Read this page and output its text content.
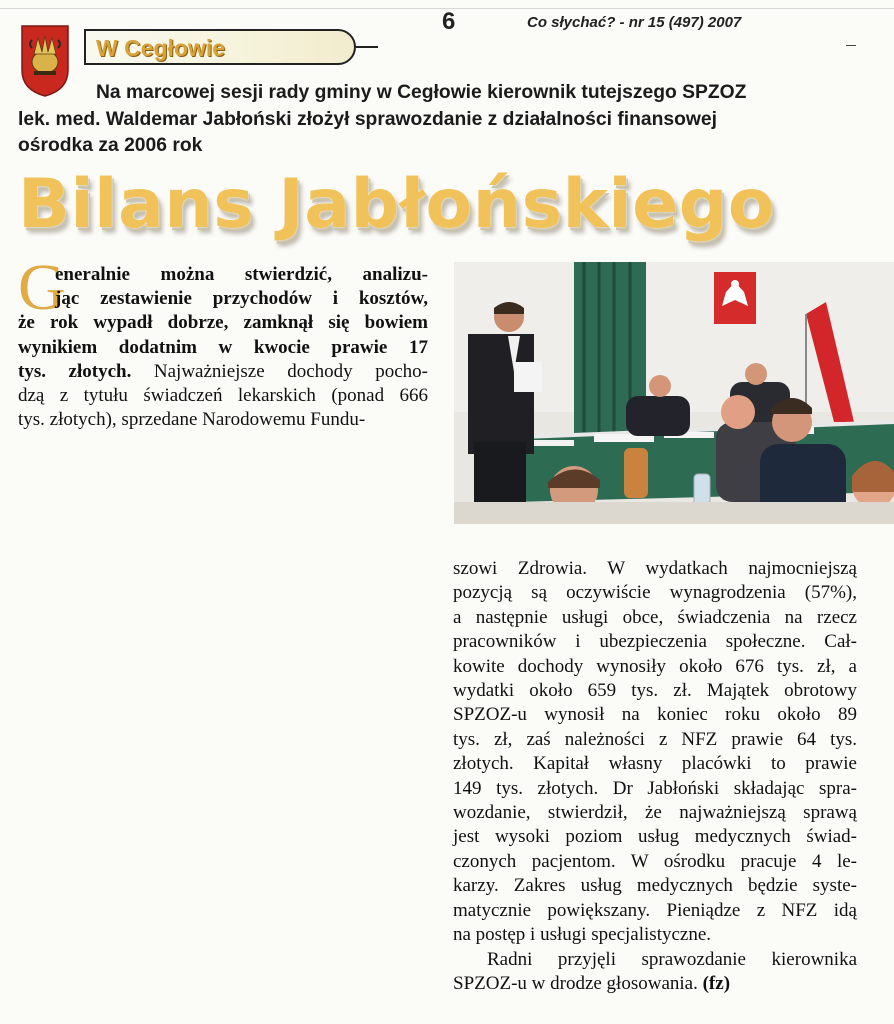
6	Co słychać? - nr 15 (497) 2007
W Cegłowie
Na marcowej sesji rady gminy w Cegłowie kierownik tutejszego SPZOZ
lek. med. Waldemar Jabłoński złożył sprawozdanie z działalności finansowej
ośrodka za 2006 rok
Bilans Jabłońskiego
G
eneralnie można stwierdzić, analizu-
jąc zestawienie przychodów i kosztów,
że rok wypadł dobrze, zamknął się bowiem
wynikiem dodatnim w kwocie prawie 17
tys. złotych. Najważniejsze dochody pocho-
dzą z tytułu świadczeń lekarskich (ponad 666
tys. złotych), sprzedane Narodowemu Fundu-
szowi Zdrowia. W wydatkach najmocniejszą
pozycją są oczywiście wynagrodzenia (57%),
a następnie usługi obce, świadczenia na rzecz
pracowników i ubezpieczenia społeczne. Cał-
kowite dochody wynosiły około 676 tys. zł, a
wydatki około 659 tys. zł. Majątek obrotowy
SPZOZ-u wynosił na koniec roku około 89
tys. zł, zaś należności z NFZ prawie 64 tys.
złotych. Kapitał własny placówki to prawie
149 tys. złotych. Dr Jabłoński składając spra-
wozdanie, stwierdził, że najważniejszą sprawą
jest wysoki poziom usług medycznych świad-
czonych pacjentom. W ośrodku pracuje 4 le-
karzy. Zakres usług medycznych będzie syste-
matycznie powiększany. Pieniądze z NFZ idą
na postęp i usługi specjalistyczne.
Radni przyjęli sprawozdanie kierownika
SPZOZ-u w drodze głosowania. (fz)
